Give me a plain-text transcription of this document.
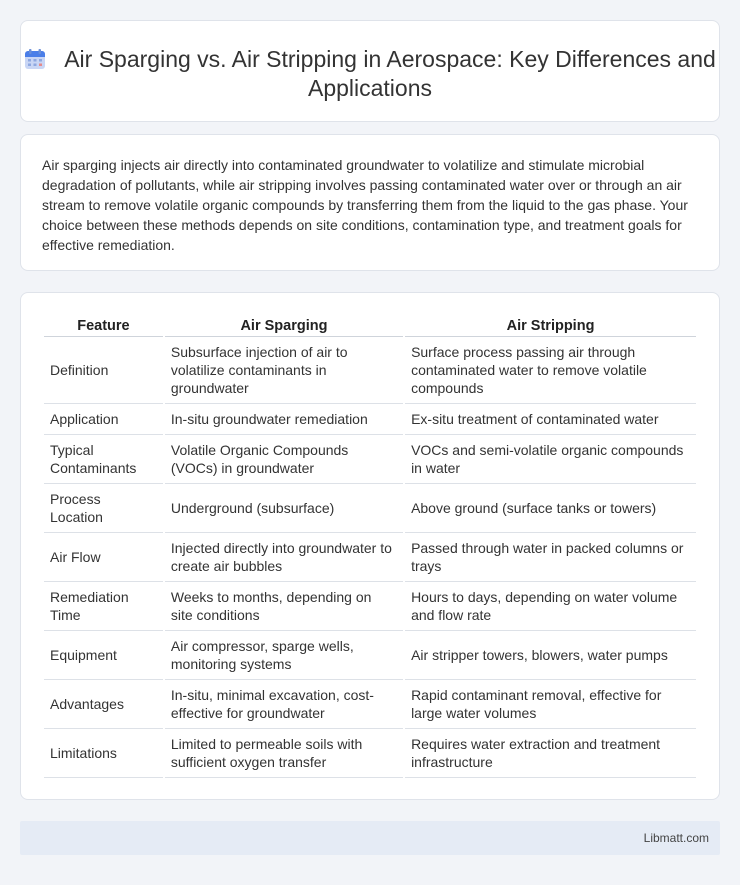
Air Sparging vs. Air Stripping in Aerospace: Key Differences and Applications

Air sparging injects air directly into contaminated groundwater to volatilize and stimulate microbial degradation of pollutants, while air stripping involves passing contaminated water over or through an air stream to remove volatile organic compounds by transferring them from the liquid to the gas phase. Your choice between these methods depends on site conditions, contamination type, and treatment goals for effective remediation.

Feature	Air Sparging	Air Stripping
Definition	Subsurface injection of air to volatilize contaminants in groundwater	Surface process passing air through contaminated water to remove volatile compounds
Application	In-situ groundwater remediation	Ex-situ treatment of contaminated water
Typical Contaminants	Volatile Organic Compounds (VOCs) in groundwater	VOCs and semi-volatile organic compounds in water
Process Location	Underground (subsurface)	Above ground (surface tanks or towers)
Air Flow	Injected directly into groundwater to create air bubbles	Passed through water in packed columns or trays
Remediation Time	Weeks to months, depending on site conditions	Hours to days, depending on water volume and flow rate
Equipment	Air compressor, sparge wells, monitoring systems	Air stripper towers, blowers, water pumps
Advantages	In-situ, minimal excavation, cost-effective for groundwater	Rapid contaminant removal, effective for large water volumes
Limitations	Limited to permeable soils with sufficient oxygen transfer	Requires water extraction and treatment infrastructure
Libmatt.com
